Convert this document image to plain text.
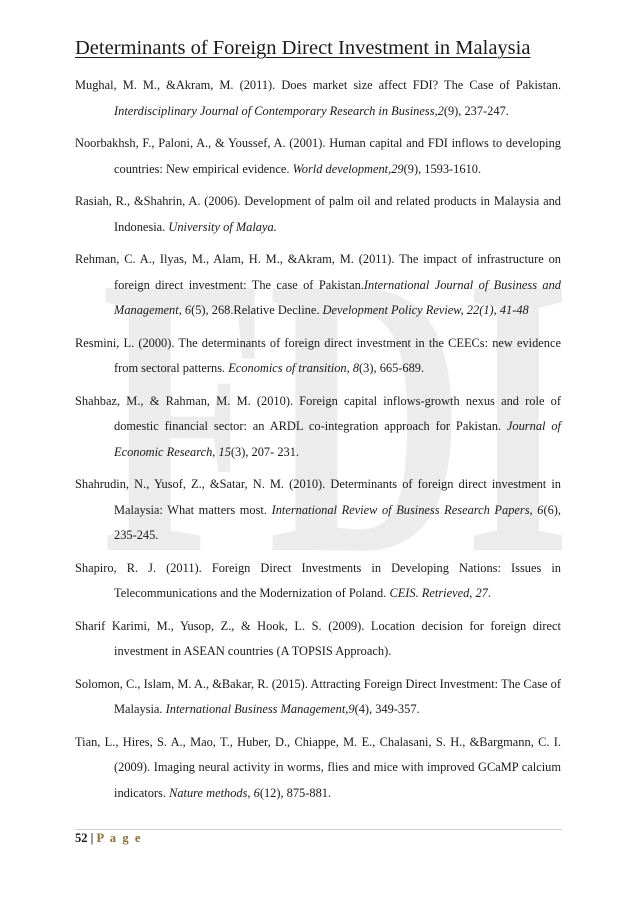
FDI
Determinants of Foreign Direct Investment in Malaysia
Mughal, M. M., &Akram, M. (2011). Does market size affect FDI? The Case of Pakistan. Interdisciplinary Journal of Contemporary Research in Business,2(9), 237-247.
Noorbakhsh, F., Paloni, A., & Youssef, A. (2001). Human capital and FDI inflows to developing countries: New empirical evidence. World development,29(9), 1593-1610.
Rasiah, R., &Shahrin, A. (2006). Development of palm oil and related products in Malaysia and Indonesia. University of Malaya.
Rehman, C. A., Ilyas, M., Alam, H. M., &Akram, M. (2011). The impact of infrastructure on foreign direct investment: The case of Pakistan.International Journal of Business and Management, 6(5), 268.Relative Decline. Development Policy Review, 22(1), 41-48
Resmini, L. (2000). The determinants of foreign direct investment in the CEECs: new evidence from sectoral patterns. Economics of transition, 8(3), 665-689.
Shahbaz, M., & Rahman, M. M. (2010). Foreign capital inflows-growth nexus and role of domestic financial sector: an ARDL co-integration approach for Pakistan. Journal of Economic Research, 15(3), 207- 231.
Shahrudin, N., Yusof, Z., &Satar, N. M. (2010). Determinants of foreign direct investment in Malaysia: What matters most. International Review of Business Research Papers, 6(6), 235-245.
Shapiro, R. J. (2011). Foreign Direct Investments in Developing Nations: Issues in Telecommunications and the Modernization of Poland. CEIS. Retrieved, 27.
Sharif Karimi, M., Yusop, Z., & Hook, L. S. (2009). Location decision for foreign direct investment in ASEAN countries (A TOPSIS Approach).
Solomon, C., Islam, M. A., &Bakar, R. (2015). Attracting Foreign Direct Investment: The Case of Malaysia. International Business Management,9(4), 349-357.
Tian, L., Hires, S. A., Mao, T., Huber, D., Chiappe, M. E., Chalasani, S. H., &Bargmann, C. I. (2009). Imaging neural activity in worms, flies and mice with improved GCaMP calcium indicators. Nature methods, 6(12), 875-881.
52 | P a g e
